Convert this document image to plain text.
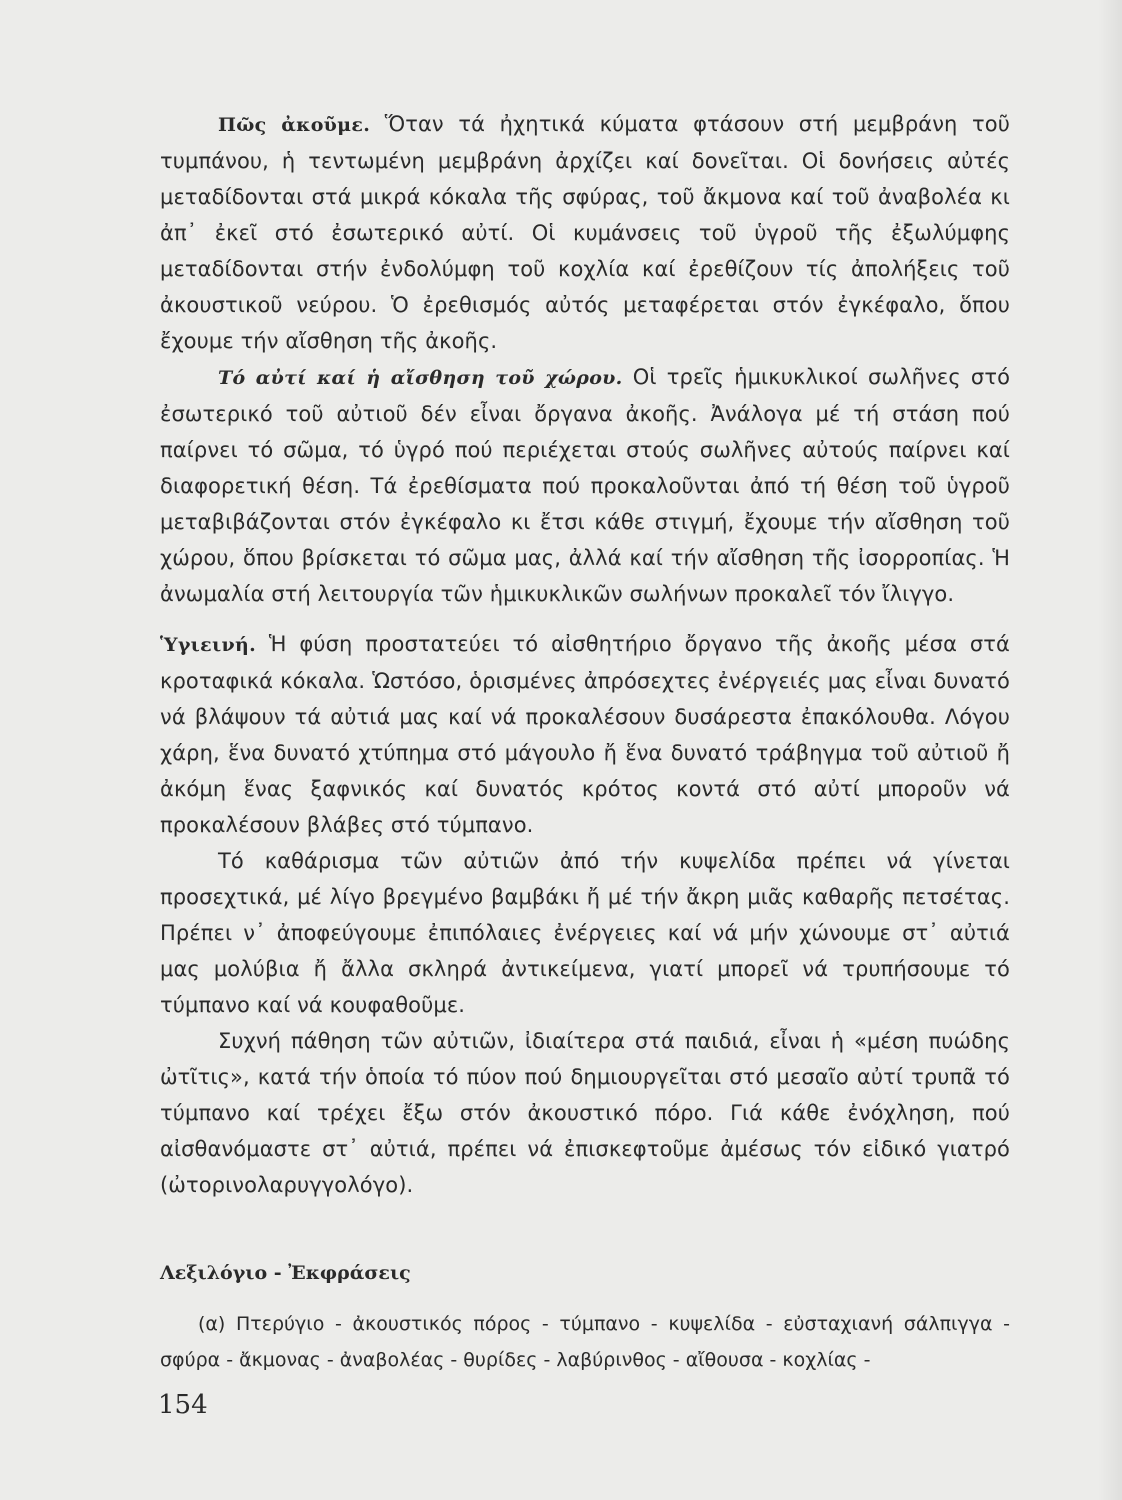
Πῶς ἀκοῦμε. Ὅταν τά ἠχητικά κύματα φτάσουν στή μεμβράνη τοῦ τυμπάνου, ἡ τεντωμένη μεμβράνη ἀρχίζει καί δονεῖται. Οἱ δονήσεις αὐτές μεταδίδονται στά μικρά κόκαλα τῆς σφύρας, τοῦ ἄκμονα καί τοῦ ἀναβολέα κι ἀπ᾽ ἐκεῖ στό ἐσωτερικό αὐτί. Οἱ κυμάνσεις τοῦ ὑγροῦ τῆς ἐξωλύμφης μεταδίδονται στήν ἐνδολύμφη τοῦ κοχλία καί ἐρεθίζουν τίς ἀπολήξεις τοῦ ἀκουστικοῦ νεύρου. Ὁ ἐρεθισμός αὐτός μεταφέρεται στόν ἐγκέφαλο, ὅπου ἔχουμε τήν αἴσθηση τῆς ἀκοῆς.

Τό αὐτί καί ἡ αἴσθηση τοῦ χώρου. Οἱ τρεῖς ἡμικυκλικοί σωλῆνες στό ἐσωτερικό τοῦ αὐτιοῦ δέν εἶναι ὄργανα ἀκοῆς. Ἀνάλογα μέ τή στάση πού παίρνει τό σῶμα, τό ὑγρό πού περιέχεται στούς σωλῆνες αὐτούς παίρνει καί διαφορετική θέση. Τά ἐρεθίσματα πού προκαλοῦνται ἀπό τή θέση τοῦ ὑγροῦ μεταβιβάζονται στόν ἐγκέφαλο κι ἔτσι κάθε στιγμή, ἔχουμε τήν αἴσθηση τοῦ χώρου, ὅπου βρίσκεται τό σῶμα μας, ἀλλά καί τήν αἴσθηση τῆς ἰσορροπίας. Ἡ ἀνωμαλία στή λειτουργία τῶν ἡμικυκλικῶν σωλήνων προκαλεῖ τόν ἴλιγγο.

Ὑγιεινή. Ἡ φύση προστατεύει τό αἰσθητήριο ὄργανο τῆς ἀκοῆς μέσα στά κροταφικά κόκαλα. Ὡστόσο, ὁρισμένες ἀπρόσεχτες ἐνέργειές μας εἶναι δυνατό νά βλάψουν τά αὐτιά μας καί νά προκαλέσουν δυσάρεστα ἐπακόλουθα. Λόγου χάρη, ἕνα δυνατό χτύπημα στό μάγουλο ἤ ἕνα δυνατό τράβηγμα τοῦ αὐτιοῦ ἤ ἀκόμη ἕνας ξαφνικός καί δυνατός κρότος κοντά στό αὐτί μποροῦν νά προκαλέσουν βλάβες στό τύμπανο.

Τό καθάρισμα τῶν αὐτιῶν ἀπό τήν κυψελίδα πρέπει νά γίνεται προσεχτικά, μέ λίγο βρεγμένο βαμβάκι ἤ μέ τήν ἄκρη μιᾶς καθαρῆς πετσέτας. Πρέπει ν᾽ ἀποφεύγουμε ἐπιπόλαιες ἐνέργειες καί νά μήν χώνουμε στ᾽ αὐτιά μας μολύβια ἤ ἄλλα σκληρά ἀντικείμενα, γιατί μπορεῖ νά τρυπήσουμε τό τύμπανο καί νά κουφαθοῦμε.

Συχνή πάθηση τῶν αὐτιῶν, ἰδιαίτερα στά παιδιά, εἶναι ἡ «μέση πυώδης ὠτῖτις», κατά τήν ὁποία τό πύον πού δημιουργεῖται στό μεσαῖο αὐτί τρυπᾶ τό τύμπανο καί τρέχει ἔξω στόν ἀκουστικό πόρο. Γιά κάθε ἐνόχληση, πού αἰσθανόμαστε στ᾽ αὐτιά, πρέπει νά ἐπισκεφτοῦμε ἀμέσως τόν εἰδικό γιατρό (ὠτορινολαρυγγολόγο).

Λεξιλόγιο - Ἐκφράσεις

(α) Πτερύγιο - ἀκουστικός πόρος - τύμπανο - κυψελίδα - εὐσταχιανή σάλπιγγα - σφύρα - ἄκμονας - ἀναβολέας - θυρίδες - λαβύρινθος - αἴθουσα - κοχλίας -

154
